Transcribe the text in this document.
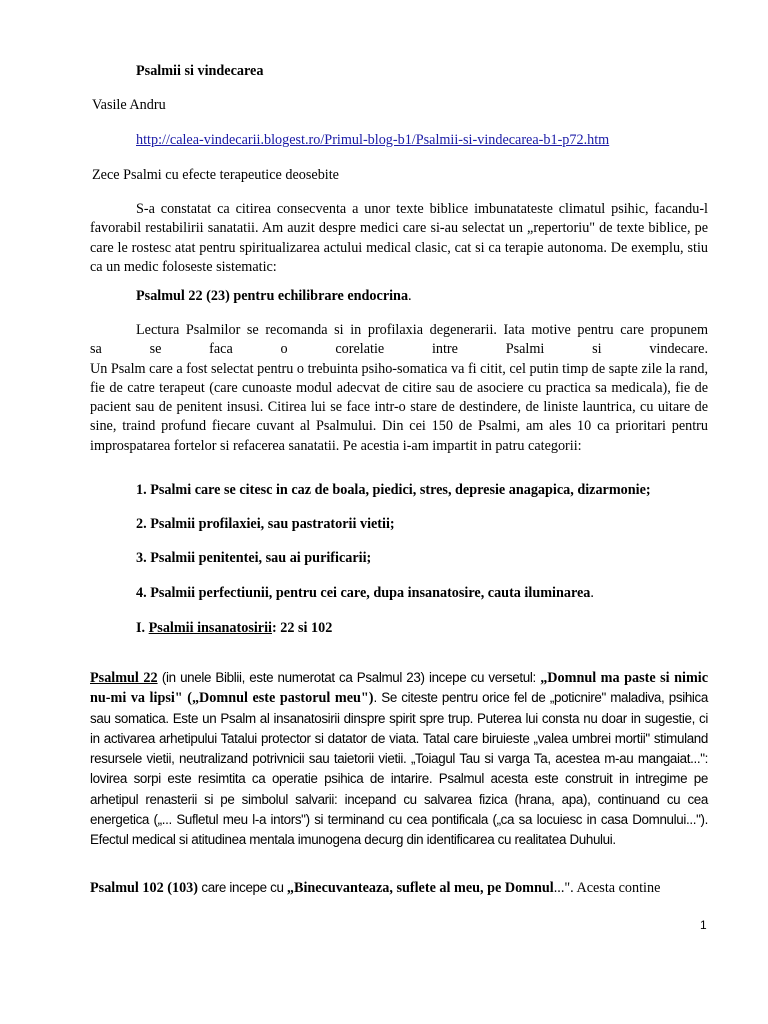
Psalmii si vindecarea

Vasile Andru

http://calea-vindecarii.blogest.ro/Primul-blog-b1/Psalmii-si-vindecarea-b1-p72.htm

Zece Psalmi cu efecte terapeutice deosebite

S-a constatat ca citirea consecventa a unor texte biblice imbunatateste climatul psihic, facandu-l favorabil restabilirii sanatatii. Am auzit despre medici care si-au selectat un „repertoriu" de texte biblice, pe care le rostesc atat pentru spiritualizarea actului medical clasic, cat si ca terapie autonoma. De exemplu, stiu ca un medic foloseste sistematic:

Psalmul 22 (23) pentru echilibrare endocrina.

Lectura Psalmilor se recomanda si in profilaxia degenerarii. Iata motive pentru care propunem

sa se faca o corelatie intre Psalmi si vindecare.

Un Psalm care a fost selectat pentru o trebuinta psiho-somatica va fi citit, cel putin timp de sapte zile la rand, fie de catre terapeut (care cunoaste modul adecvat de citire sau de asociere cu practica sa medicala), fie de pacient sau de penitent insusi. Citirea lui se face intr-o stare de destindere, de liniste launtrica, cu uitare de sine, traind profund fiecare cuvant al Psalmului. Din cei 150 de Psalmi, am ales 10 ca prioritari pentru improspatarea fortelor si refacerea sanatatii. Pe acestia i-am impartit in patru categorii:

1. Psalmi care se citesc in caz de boala, piedici, stres, depresie anagapica, dizarmonie;

2. Psalmii profilaxiei, sau pastratorii vietii;

3. Psalmii penitentei, sau ai purificarii;

4. Psalmii perfectiunii, pentru cei care, dupa insanatosire, cauta iluminarea.

I. Psalmii insanatosirii: 22 si 102

Psalmul 22 (in unele Biblii, este numerotat ca Psalmul 23) incepe cu versetul: „Domnul ma paste si nimic nu-mi va lipsi" („Domnul este pastorul meu"). Se citeste pentru orice fel de „poticnire" maladiva, psihica sau somatica. Este un Psalm al insanatosirii dinspre spirit spre trup. Puterea lui consta nu doar in sugestie, ci in activarea arhetipului Tatalui protector si datator de viata. Tatal care biruieste „valea umbrei mortii" stimuland resursele vietii, neutralizand potrivnicii sau taietorii vietii. „Toiagul Tau si varga Ta, acestea m-au mangaiat...": lovirea sorpi este resimtita ca operatie psihica de intarire. Psalmul acesta este construit in intregime pe arhetipul renasterii si pe simbolul salvarii: incepand cu salvarea fizica (hrana, apa), continuand cu cea energetica („... Sufletul meu l-a intors") si terminand cu cea pontificala („ca sa locuiesc in casa Domnului..."). Efectul medical si atitudinea mentala imunogena decurg din identificarea cu realitatea Duhului.

Psalmul 102 (103) care incepe cu „Binecuvanteaza, suflete al meu, pe Domnul...". Acesta contine

1
